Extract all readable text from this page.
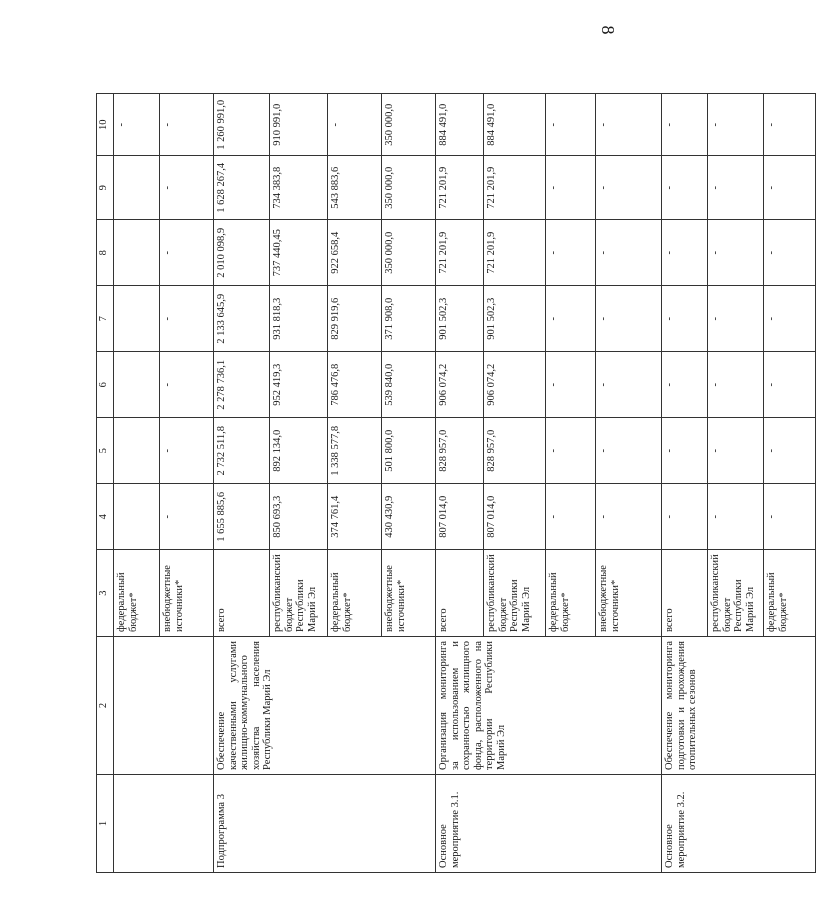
8
1	2	3	4	5	6	7	8	9	10
		федеральный бюджет*							-
		внебюджетные источники*	-	-	-	-	-	-	-
Подпрограмма 3	Обеспечение качественными услугами жилищно-коммунального хозяйства населения Республики Марий Эл	всего	1 655 885,6	2 732 511,8	2 278 736,1	2 133 645,9	2 010 098,9	1 628 267,4	1 260 991,0
		республиканский бюджет Республики Марий Эл	850 693,3	892 134,0	952 419,3	931 818,3	737 440,45	734 383,8	910 991,0
		федеральный бюджет*	374 761,4	1 338 577,8	786 476,8	829 919,6	922 658,4	543 883,6	-
		внебюджетные источники*	430 430,9	501 800,0	539 840,0	371 908,0	350 000,0	350 000,0	350 000,0
Основное мероприятие 3.1.	Организация мониторинга за использованием и сохранностью жилищного фонда, расположенного на территории Республики Марий Эл	всего	807 014,0	828 957,0	906 074,2	901 502,3	721 201,9	721 201,9	884 491,0
		республиканский бюджет Республики Марий Эл	807 014,0	828 957,0	906 074,2	901 502,3	721 201,9	721 201,9	884 491,0
		федеральный бюджет*	-	-	-	-	-	-	-
		внебюджетные источники*	-	-	-	-	-	-	-
Основное мероприятие 3.2.	Обеспечение мониторинга подготовки и прохождения отопительных сезонов	всего	-	-	-	-	-	-	-
		республиканский бюджет Республики Марий Эл	-	-	-	-	-	-	-
		федеральный бюджет*	-	-	-	-	-	-	-
